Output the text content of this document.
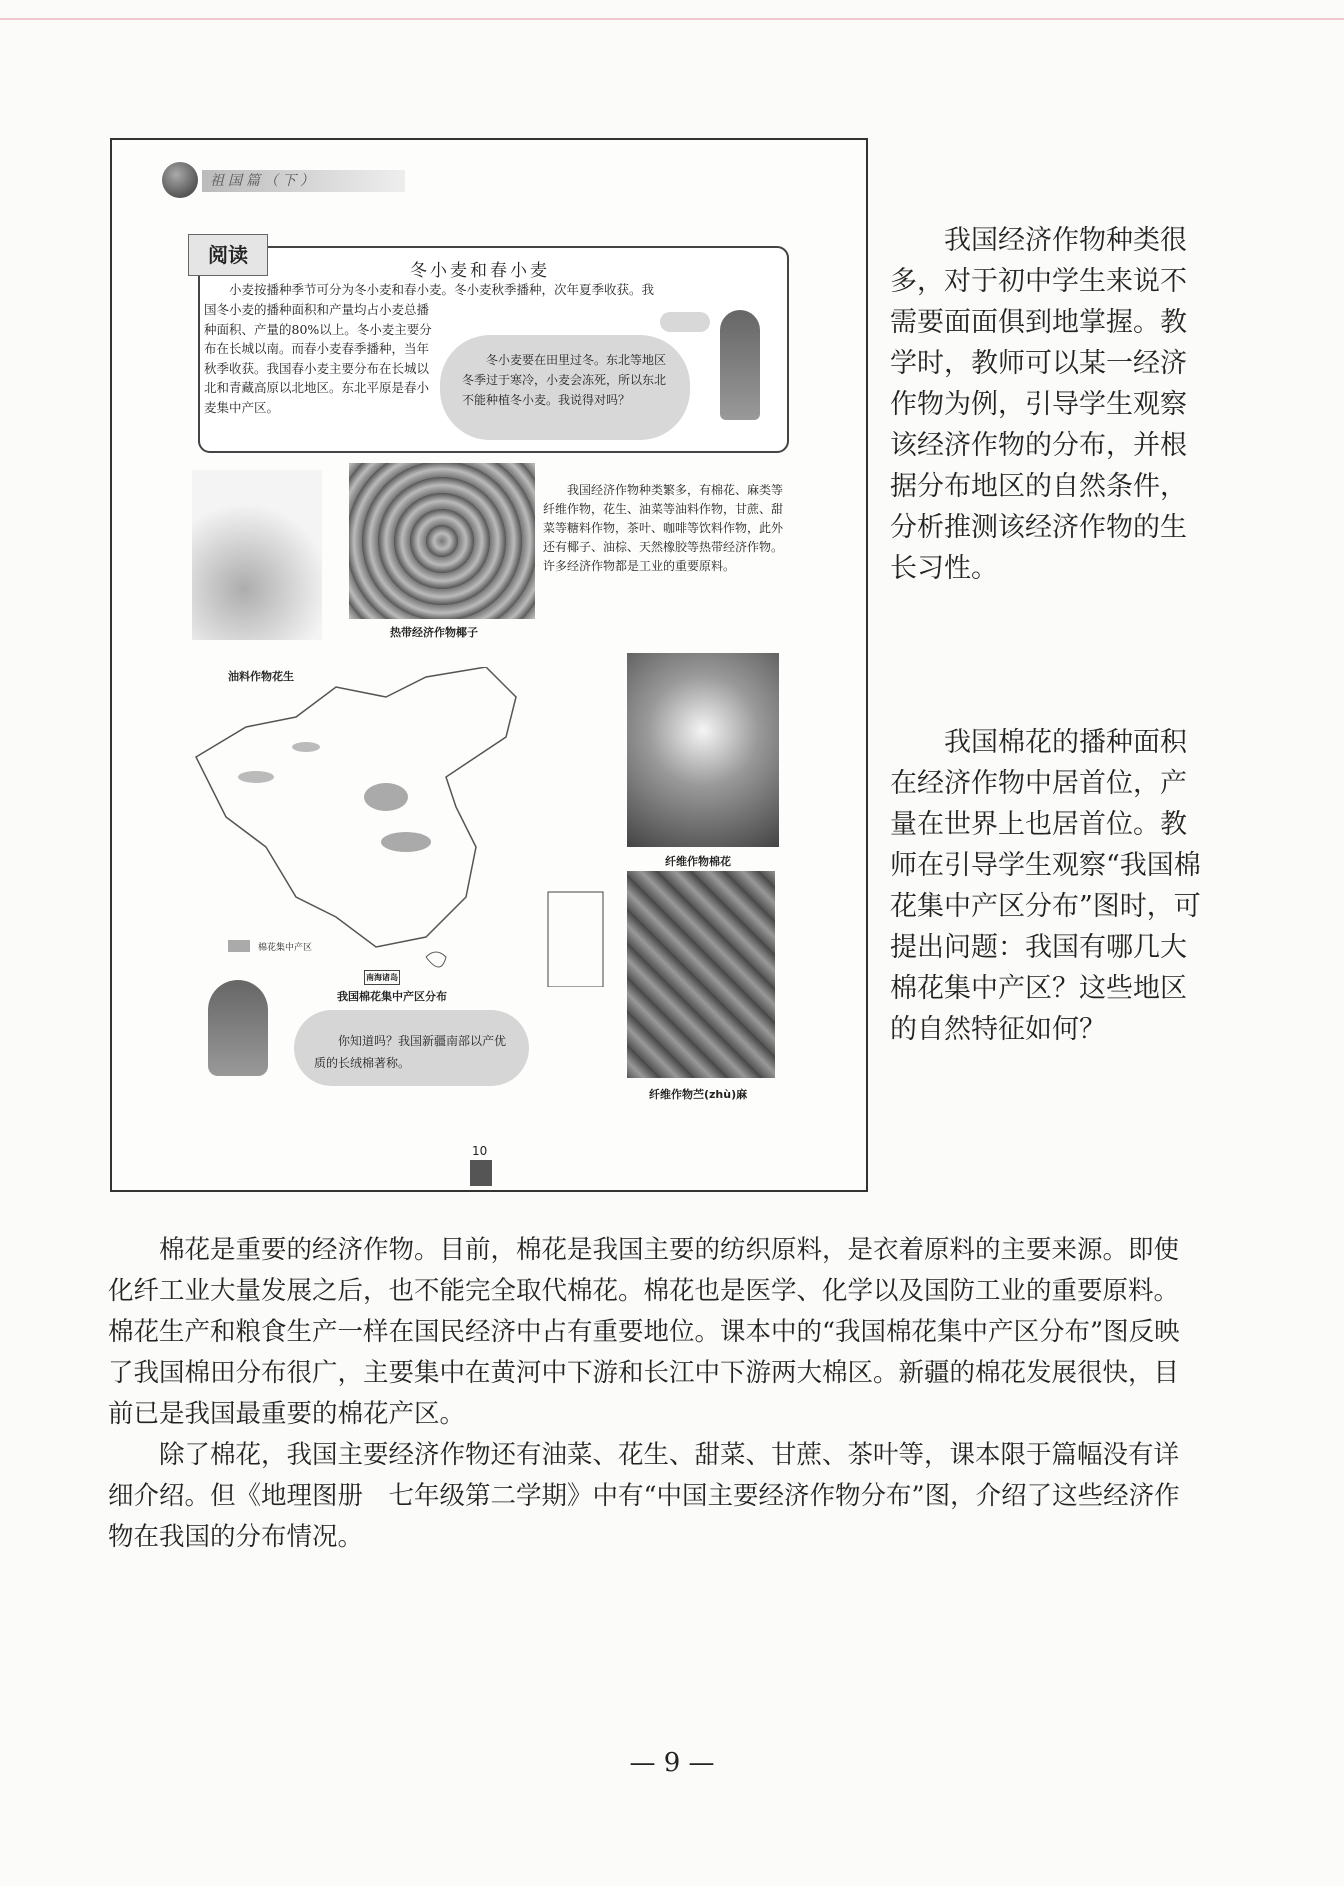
祖国篇（下）
阅读
冬小麦和春小麦
小麦按播种季节可分为冬小麦和春小麦。冬小麦秋季播种，次年夏季收获。我
国冬小麦的播种面积和产量均占小麦总播种面积、产量的80%以上。冬小麦主要分布在长城以南。而春小麦春季播种，当年秋季收获。我国春小麦主要分布在长城以北和青藏高原以北地区。东北平原是春小麦集中产区。
冬小麦要在田里过冬。东北等地区冬季过于寒冷，小麦会冻死，所以东北不能种植冬小麦。我说得对吗？
热带经济作物椰子
油料作物花生
我国经济作物种类繁多，有棉花、麻类等纤维作物，花生、油菜等油料作物，甘蔗、甜菜等糖料作物，茶叶、咖啡等饮料作物，此外还有椰子、油棕、天然橡胶等热带经济作物。许多经济作物都是工业的重要原料。
南海诸岛
棉花集中产区
我国棉花集中产区分布
纤维作物棉花
纤维作物苎(zhù)麻
你知道吗？我国新疆南部以产优质的长绒棉著称。
10
我国经济作物种类很多，对于初中学生来说不需要面面俱到地掌握。教学时，教师可以某一经济作物为例，引导学生观察该经济作物的分布，并根据分布地区的自然条件，分析推测该经济作物的生长习性。
我国棉花的播种面积在经济作物中居首位，产量在世界上也居首位。教师在引导学生观察“我国棉花集中产区分布”图时，可提出问题：我国有哪几大棉花集中产区？这些地区的自然特征如何？

棉花是重要的经济作物。目前，棉花是我国主要的纺织原料，是衣着原料的主要来源。即使化纤工业大量发展之后，也不能完全取代棉花。棉花也是医学、化学以及国防工业的重要原料。棉花生产和粮食生产一样在国民经济中占有重要地位。课本中的“我国棉花集中产区分布”图反映了我国棉田分布很广，主要集中在黄河中下游和长江中下游两大棉区。新疆的棉花发展很快，目前已是我国最重要的棉花产区。

除了棉花，我国主要经济作物还有油菜、花生、甜菜、甘蔗、茶叶等，课本限于篇幅没有详细介绍。但《地理图册　七年级第二学期》中有“中国主要经济作物分布”图，介绍了这些经济作物在我国的分布情况。

— 9 —
